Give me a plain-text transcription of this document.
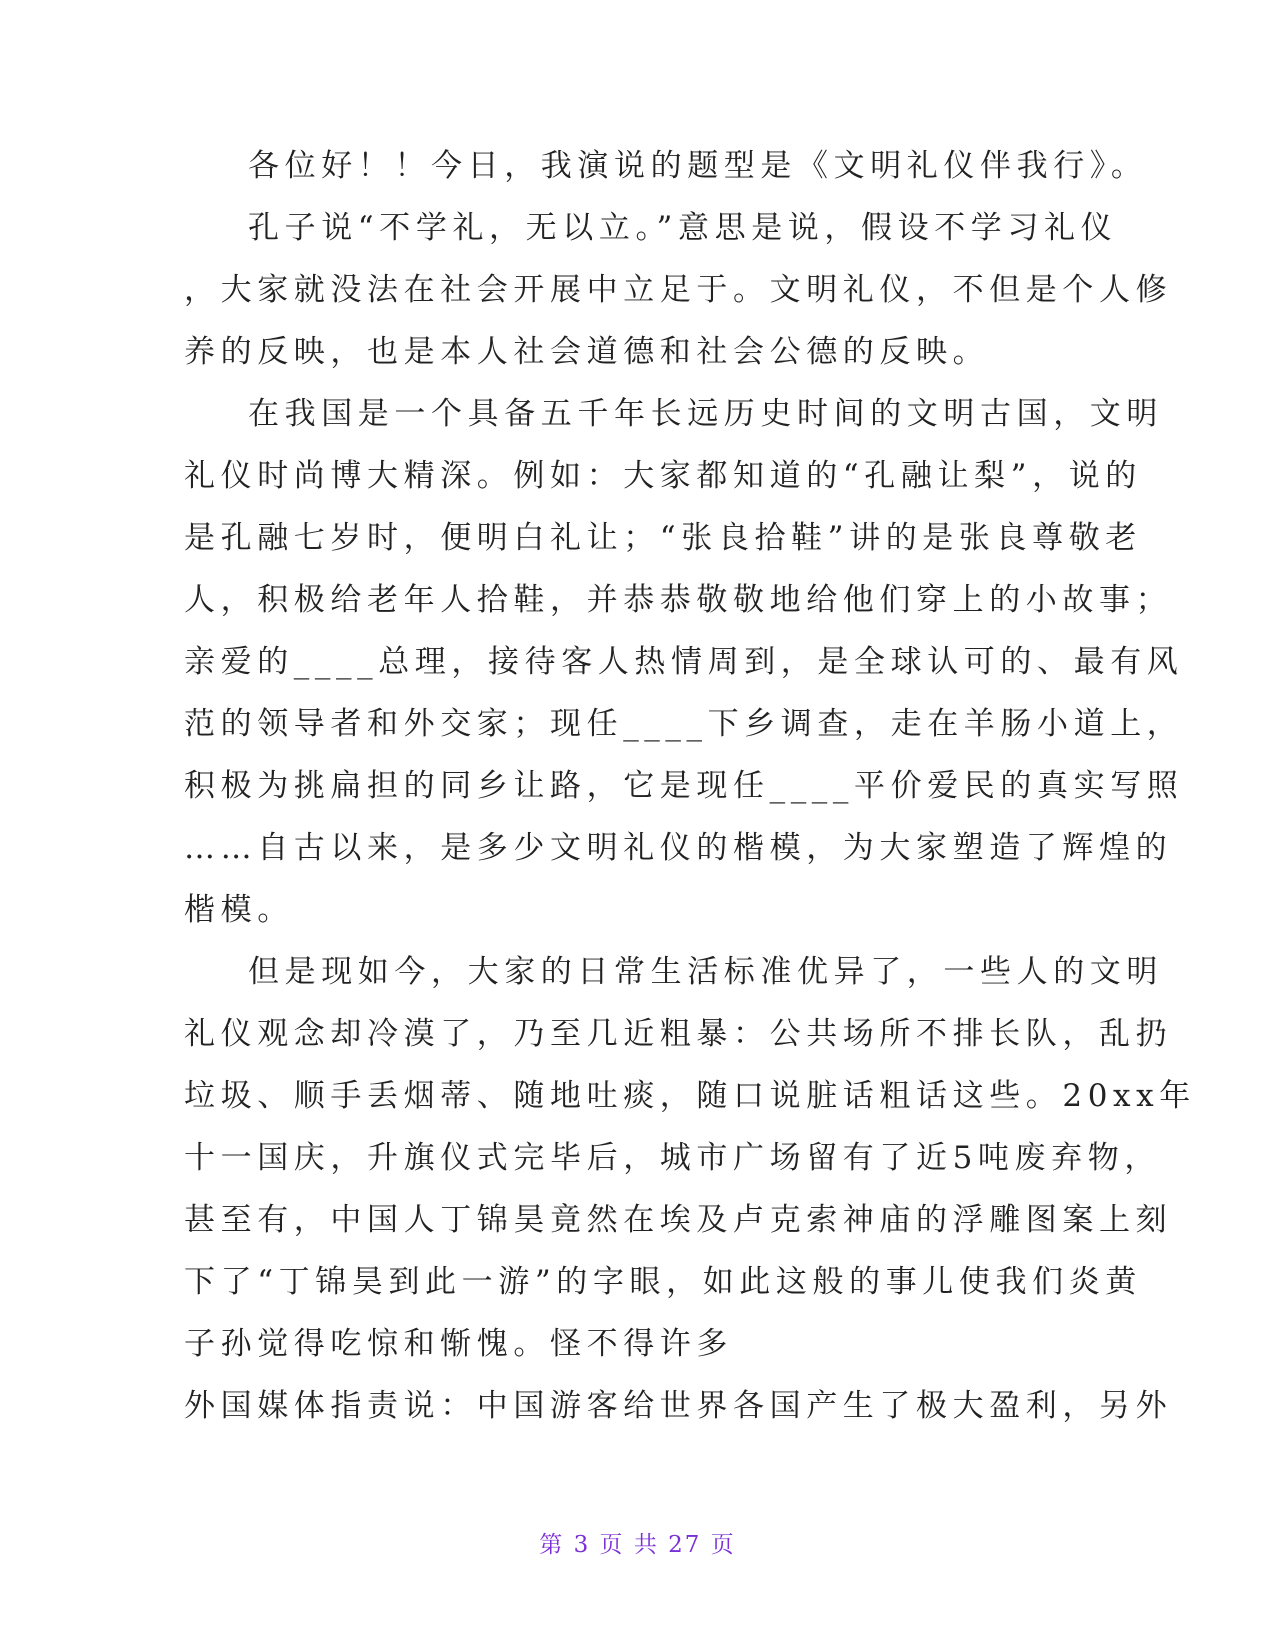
各位好！！今日，我演说的题型是《文明礼仪伴我行》。
孔子说“不学礼，无以立。”意思是说，假设不学习礼仪
，大家就没法在社会开展中立足于。文明礼仪，不但是个人修
养的反映，也是本人社会道德和社会公德的反映。
在我国是一个具备五千年长远历史时间的文明古国，文明
礼仪时尚博大精深。例如：大家都知道的“孔融让梨”，说的
是孔融七岁时，便明白礼让；“张良拾鞋”讲的是张良尊敬老
人，积极给老年人拾鞋，并恭恭敬敬地给他们穿上的小故事；
亲爱的____总理，接待客人热情周到，是全球认可的、最有风
范的领导者和外交家；现任____下乡调查，走在羊肠小道上，
积极为挑扁担的同乡让路，它是现任____平价爱民的真实写照
……自古以来，是多少文明礼仪的楷模，为大家塑造了辉煌的
楷模。
但是现如今，大家的日常生活标准优异了，一些人的文明
礼仪观念却冷漠了，乃至几近粗暴：公共场所不排长队，乱扔
垃圾、顺手丢烟蒂、随地吐痰，随口说脏话粗话这些。20xx年
十一国庆，升旗仪式完毕后，城市广场留有了近5吨废弃物，
甚至有，中国人丁锦昊竟然在埃及卢克索神庙的浮雕图案上刻
下了“丁锦昊到此一游”的字眼，如此这般的事儿使我们炎黄
子孙觉得吃惊和惭愧。怪不得许多
外国媒体指责说：中国游客给世界各国产生了极大盈利，另外
第 3 页 共 27 页
